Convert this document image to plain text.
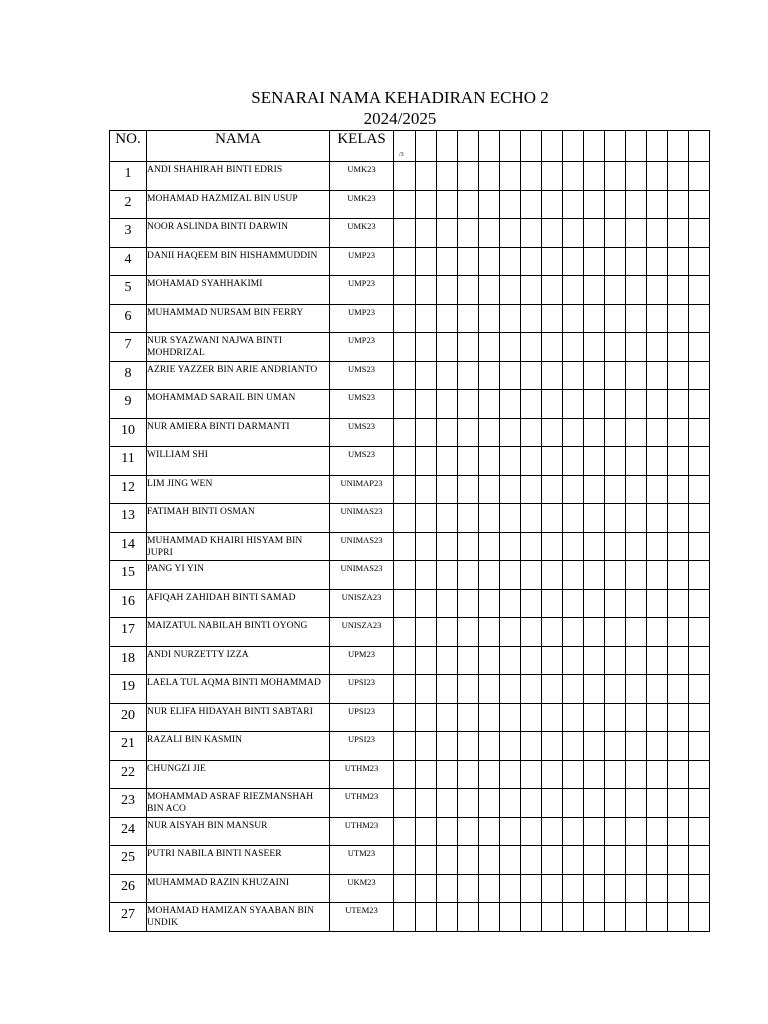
SENARAI NAMA KEHADIRAN ECHO 2
2024/2025
NO.	NAMA	KELAS	/3														
1	ANDI SHAHIRAH BINTI EDRIS	UMK23															

2	MOHAMAD HAZMIZAL BIN USUP	UMK23															

3	NOOR ASLINDA BINTI DARWIN	UMK23															

4	DANII HAQEEM BIN HISHAMMUDDIN	UMP23															

5	MOHAMAD SYAHHAKIMI	UMP23															

6	MUHAMMAD NURSAM BIN FERRY	UMP23															

7	NUR SYAZWANI NAJWA BINTI MOHDRIZAL	UMP23															

8	AZRIE YAZZER BIN ARIE ANDRIANTO	UMS23															

9	MOHAMMAD SARAIL BIN UMAN	UMS23															

10	NUR AMIERA BINTI DARMANTI	UMS23															

11	WILLIAM SHI	UMS23															

12	LIM JING WEN	UNIMAP23															

13	FATIMAH BINTI OSMAN	UNIMAS23															

14	MUHAMMAD KHAIRI HISYAM BIN JUPRI	UNIMAS23															

15	PANG YI YIN	UNIMAS23															

16	AFIQAH ZAHIDAH BINTI SAMAD	UNISZA23															

17	MAIZATUL NABILAH BINTI OYONG	UNISZA23															

18	ANDI NURZETTY IZZA	UPM23															

19	LAELA TUL AQMA BINTI MOHAMMAD	UPSI23															

20	NUR ELIFA HIDAYAH BINTI SABTARI	UPSI23															

21	RAZALI BIN KASMIN	UPSI23															

22	CHUNGZI JIE	UTHM23															

23	MOHAMMAD ASRAF RIEZMANSHAH BIN ACO	UTHM23															

24	NUR AISYAH BIN MANSUR	UTHM23															

25	PUTRI NABILA BINTI NASEER	UTM23															

26	MUHAMMAD RAZIN KHUZAINI	UKM23															

27	MOHAMAD HAMIZAN SYAABAN BIN UNDIK	UTEM23															
